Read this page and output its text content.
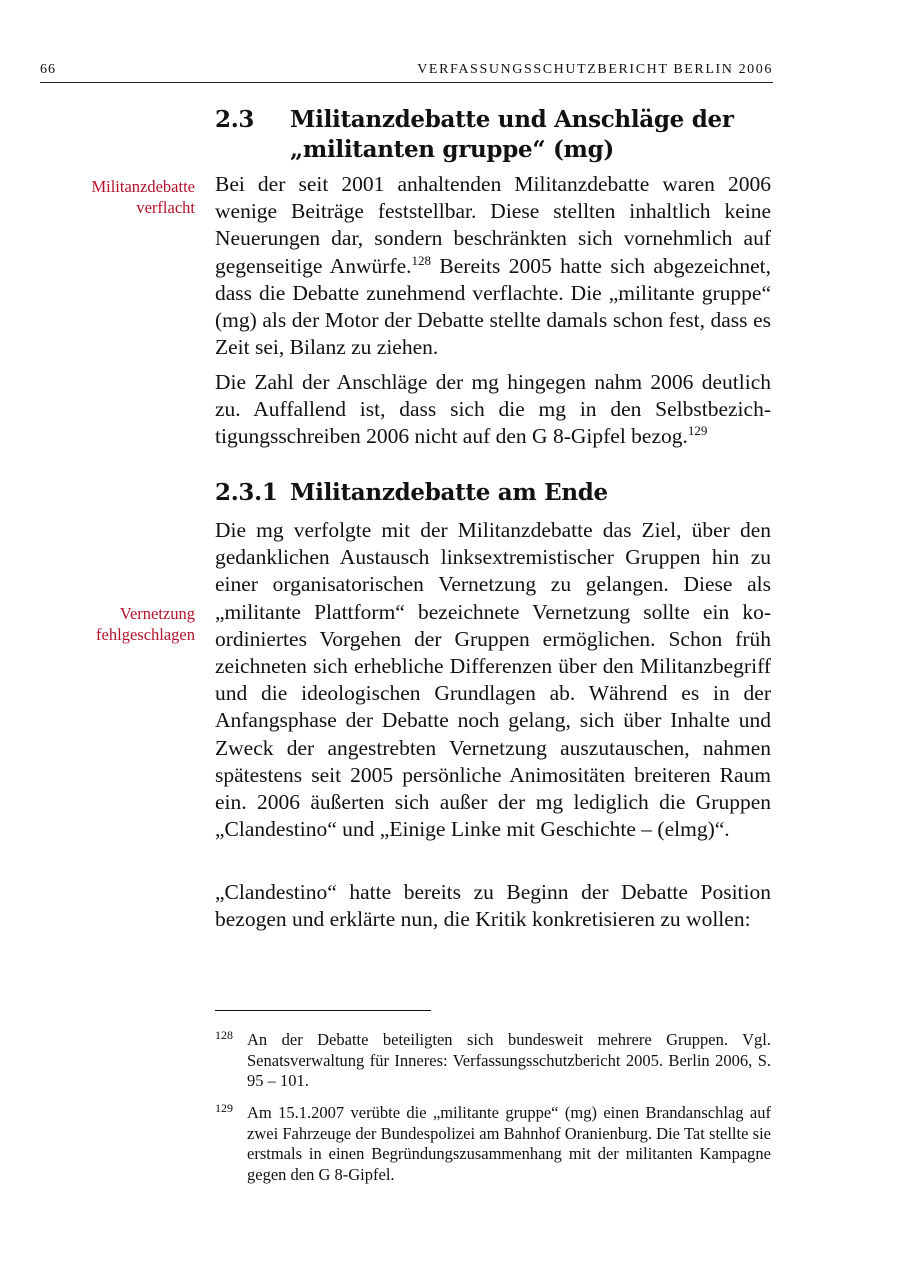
66	VERFASSUNGSSCHUTZBERICHT BERLIN 2006
2.3 Militanzdebatte und Anschläge der „militanten gruppe“ (mg)
Militanzdebatte verflacht

Bei der seit 2001 anhaltenden Militanzdebatte waren 2006 wenige Beiträge feststellbar. Diese stellten inhaltlich keine Neuerungen dar, sondern beschränkten sich vornehmlich auf gegenseitige Anwürfe.$^{128}$ Bereits 2005 hatte sich abgezeichnet, dass die Debatte zunehmend verflachte. Die „militante gruppe“ (mg) als der Motor der Debatte stellte damals schon fest, dass es Zeit sei, Bilanz zu ziehen.

Die Zahl der Anschläge der mg hingegen nahm 2006 deutlich zu. Auffallend ist, dass sich die mg in den Selbstbezichtigungsschreiben 2006 nicht auf den G 8-Gipfel bezog.$^{129}$

2.3.1 Militanzdebatte am Ende
Vernetzung fehlgeschlagen

Die mg verfolgte mit der Militanzdebatte das Ziel, über den gedanklichen Austausch linksextremistischer Gruppen hin zu einer organisatorischen Vernetzung zu gelangen. Diese als „militante Plattform“ bezeichnete Vernetzung sollte ein koordiniertes Vorgehen der Gruppen ermöglichen. Schon früh zeichneten sich erhebliche Differenzen über den Militanzbegriff und die ideologischen Grundlagen ab. Während es in der Anfangsphase der Debatte noch gelang, sich über Inhalte und Zweck der angestrebten Vernetzung auszutauschen, nahmen spätestens seit 2005 persönliche Animositäten breiteren Raum ein. 2006 äußerten sich außer der mg lediglich die Gruppen „Clandestino“ und „Einige Linke mit Geschichte – (elmg)“.

„Clandestino“ hatte bereits zu Beginn der Debatte Position bezogen und erklärte nun, die Kritik konkretisieren zu wollen:

128 An der Debatte beteiligten sich bundesweit mehrere Gruppen. Vgl. Senatsverwaltung für Inneres: Verfassungsschutzbericht 2005. Berlin 2006, S. 95 – 101.
129 Am 15.1.2007 verübte die „militante gruppe“ (mg) einen Brandanschlag auf zwei Fahrzeuge der Bundespolizei am Bahnhof Oranienburg. Die Tat stellte sie erstmals in einen Begründungszusammenhang mit der militanten Kampagne gegen den G 8-Gipfel.
